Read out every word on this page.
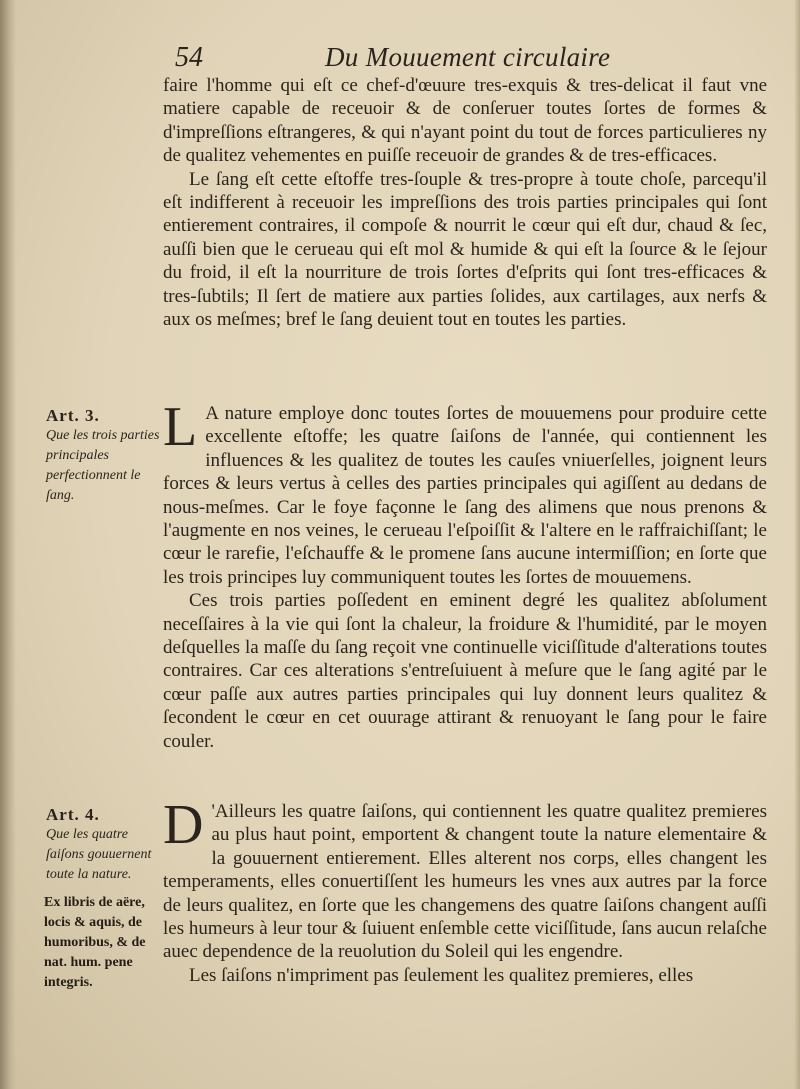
54	Du Mouuement circulaire

faire l'homme qui eſt ce chef-d'œuure tres-exquis & tres-delicat il faut vne matiere capable de receuoir & de conſeruer toutes ſortes de formes & d'impreſſions eſtrangeres, & qui n'ayant point du tout de forces particulieres ny de qualitez vehementes en puiſſe receuoir de grandes & de tres-efficaces.

Le ſang eſt cette eſtoffe tres-ſouple & tres-propre à toute choſe, parcequ'il eſt indifferent à receuoir les impreſſions des trois parties principales qui ſont entierement contraires, il compoſe & nourrit le cœur qui eſt dur, chaud & ſec, auſſi bien que le cerueau qui eſt mol & humide & qui eſt la ſource & le ſejour du froid, il eſt la nourriture de trois ſortes d'eſprits qui ſont tres-efficaces & tres-ſubtils; Il ſert de matiere aux parties ſolides, aux cartilages, aux nerfs & aux os meſmes; bref le ſang deuient tout en toutes les parties.

Art. 3.
Que les trois parties principales perfectionnent le ſang.
L A nature employe donc toutes ſortes de mouuemens pour produire cette excellente eſtoffe; les quatre ſaiſons de l'année, qui contiennent les influences & les qualitez de toutes les cauſes vniuerſelles, joignent leurs forces & leurs vertus à celles des parties principales qui agiſſent au dedans de nous-meſmes. Car le foye façonne le ſang des alimens que nous prenons & l'augmente en nos veines, le cerueau l'eſpoiſſit & l'altere en le raffraichiſſant; le cœur le rarefie, l'eſchauffe & le promene ſans aucune intermiſſion; en ſorte que les trois principes luy communiquent toutes les ſortes de mouuemens.

Ces trois parties poſſedent en eminent degré les qualitez abſolument neceſſaires à la vie qui ſont la chaleur, la froidure & l'humidité, par le moyen deſquelles la maſſe du ſang reçoit vne continuelle viciſſitude d'alterations toutes contraires. Car ces alterations s'entreſuiuent à meſure que le ſang agité par le cœur paſſe aux autres parties principales qui luy donnent leurs qualitez & ſecondent le cœur en cet ouurage attirant & renuoyant le ſang pour le faire couler.

Art. 4.
Que les quatre ſaiſons gouuernent toute la nature.
Ex libris de aëre, locis & aquis, de humoribus, & de nat. hum. pene integris.
D 'Ailleurs les quatre ſaiſons, qui contiennent les quatre qualitez premieres au plus haut point, emportent & changent toute la nature elementaire & la gouuernent entierement. Elles alterent nos corps, elles changent les temperaments, elles conuertiſſent les humeurs les vnes aux autres par la force de leurs qualitez, en ſorte que les changemens des quatre ſaiſons changent auſſi les humeurs à leur tour & ſuiuent enſemble cette viciſſitude, ſans aucun relaſche auec dependence de la reuolution du Soleil qui les engendre.

Les ſaiſons n'impriment pas ſeulement les qualitez premieres, elles
